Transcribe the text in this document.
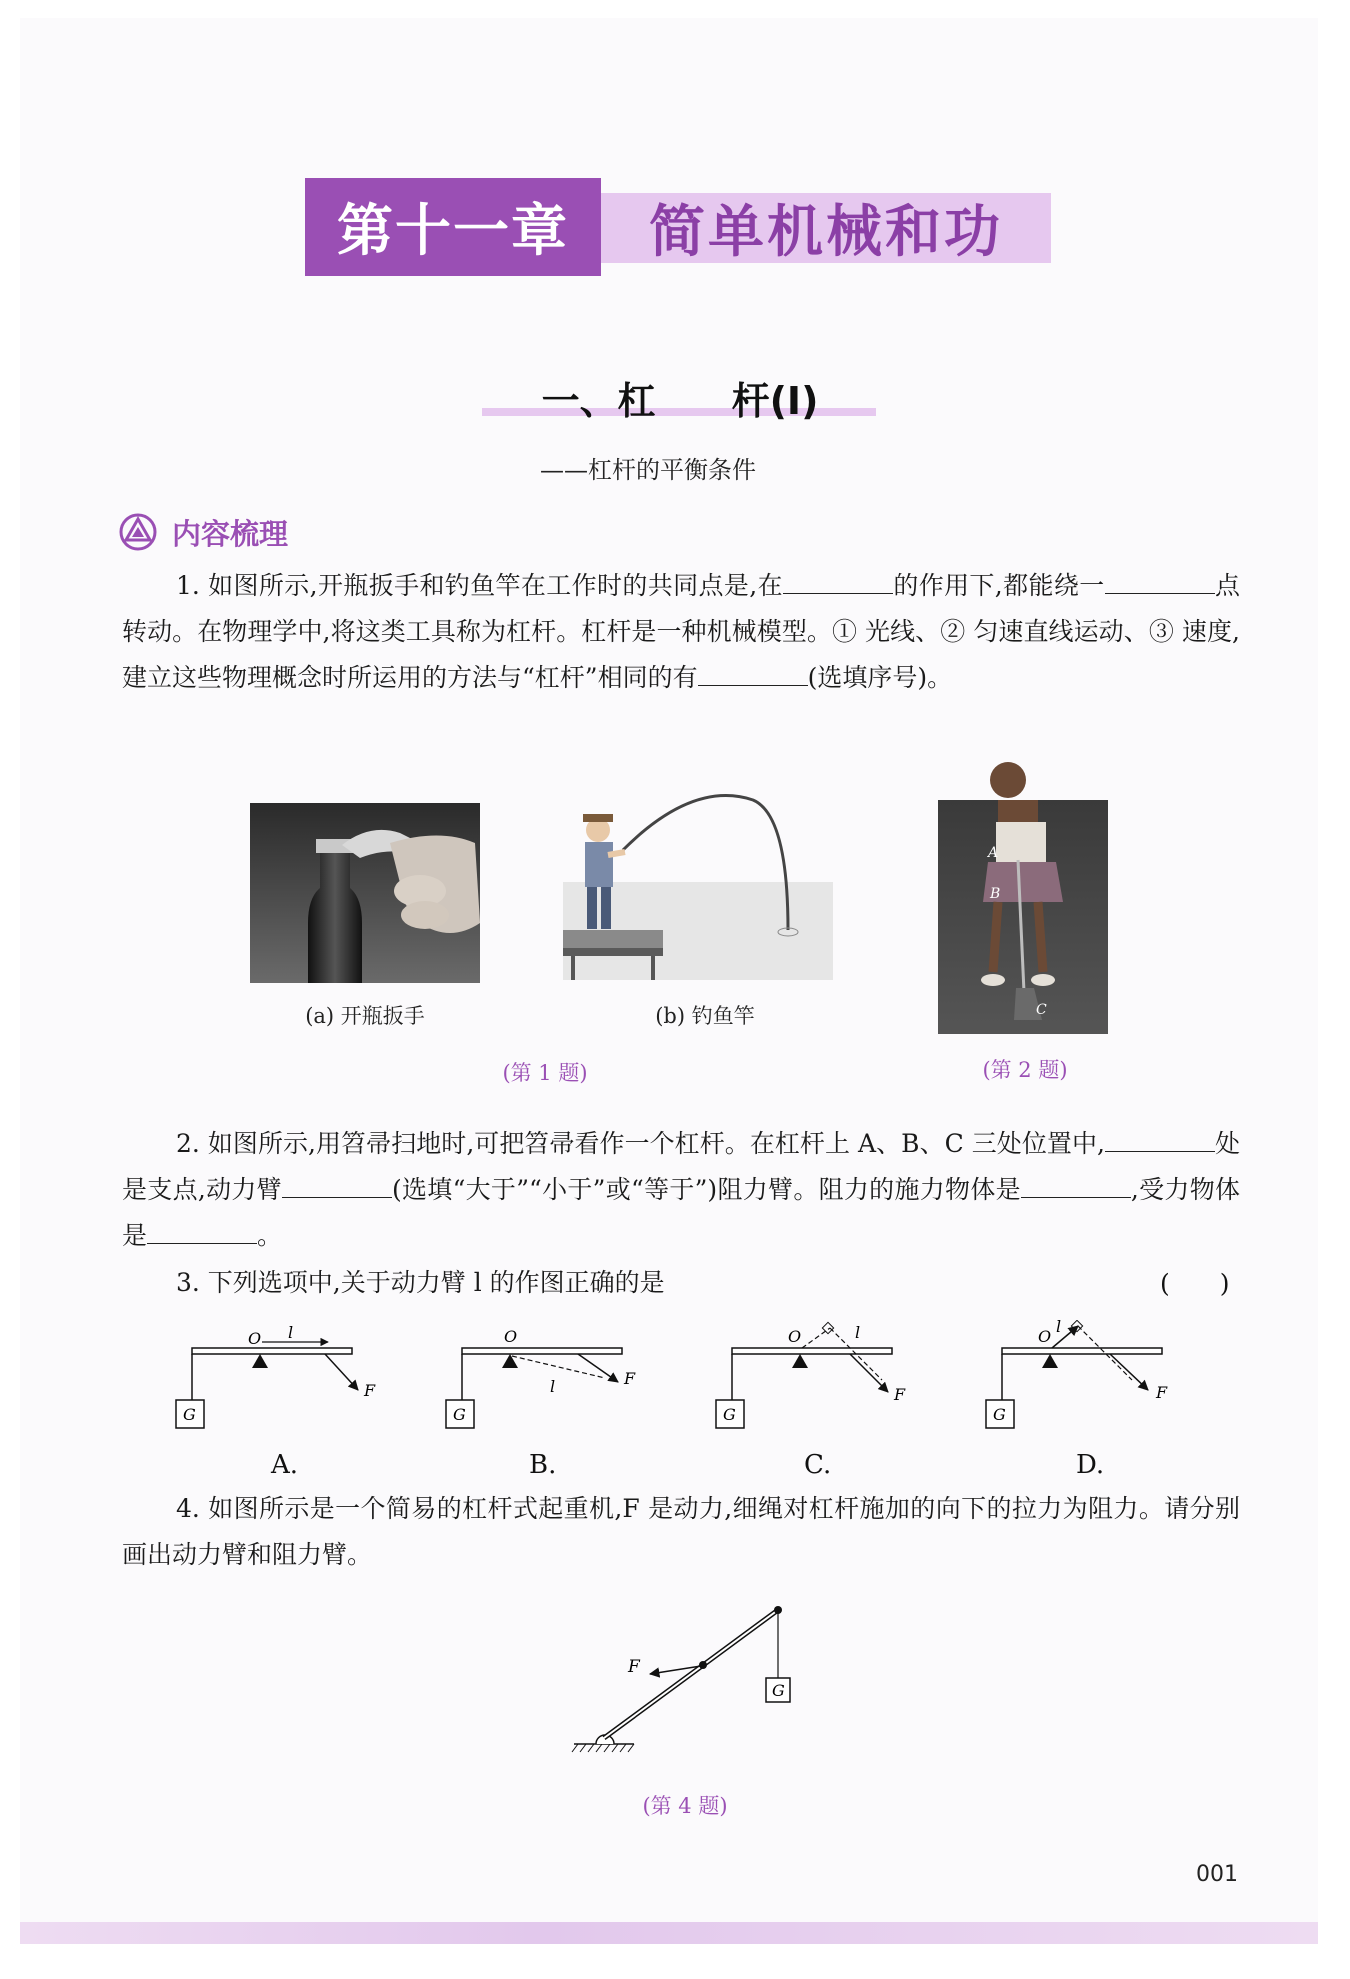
第十一章 简单机械和功
一、杠　　杆(Ⅰ)
——杠杆的平衡条件
内容梳理
1. 如图所示,开瓶扳手和钓鱼竿在工作时的共同点是,在	的作用下,都能绕一	点转动。在物理学中,将这类工具称为杠杆。杠杆是一种机械模型。① 光线、② 匀速直线运动、③ 速度,建立这些物理概念时所运用的方法与“杠杆”相同的有	(选填序号)。
(a) 开瓶扳手	(b) 钓鱼竿
A
B
C
(第 1 题)	(第 2 题)
2. 如图所示,用笤帚扫地时,可把笤帚看作一个杠杆。在杠杆上 A、B、C 三处位置中,	处是支点,动力臂	(选填“大于”“小于”或“等于”)阻力臂。阻力的施力物体是	,受力物体是	。
3. 下列选项中,关于动力臂 l 的作图正确的是	(　　)
G
O l
F
G
O
l	F
G
O	l
F
G
O
l
F
A.	B.	C.	D.
4. 如图所示是一个简易的杠杆式起重机,F 是动力,细绳对杠杆施加的向下的拉力为阻力。请分别画出动力臂和阻力臂。
F
G
(第 4 题)
001
